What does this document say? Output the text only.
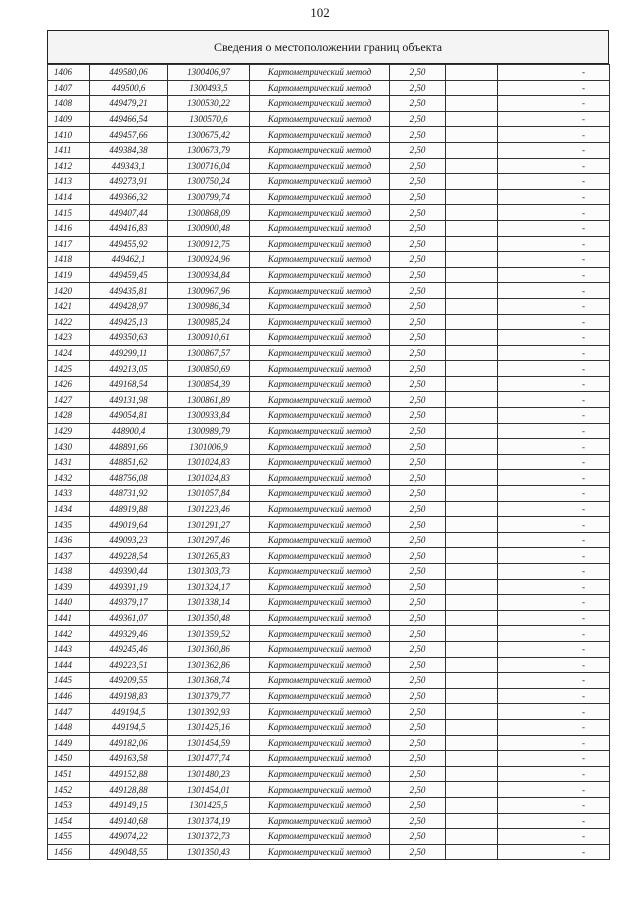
102
Сведения о местоположении границ объекта
1406	449580,06	1300406,97	Картометрический метод	2,50		-
1407	449500,6	1300493,5	Картометрический метод	2,50		-
1408	449479,21	1300530,22	Картометрический метод	2,50		-
1409	449466,54	1300570,6	Картометрический метод	2,50		-
1410	449457,66	1300675,42	Картометрический метод	2,50		-
1411	449384,38	1300673,79	Картометрический метод	2,50		-
1412	449343,1	1300716,04	Картометрический метод	2,50		-
1413	449273,91	1300750,24	Картометрический метод	2,50		-
1414	449366,32	1300799,74	Картометрический метод	2,50		-
1415	449407,44	1300868,09	Картометрический метод	2,50		-
1416	449416,83	1300900,48	Картометрический метод	2,50		-
1417	449455,92	1300912,75	Картометрический метод	2,50		-
1418	449462,1	1300924,96	Картометрический метод	2,50		-
1419	449459,45	1300934,84	Картометрический метод	2,50		-
1420	449435,81	1300967,96	Картометрический метод	2,50		-
1421	449428,97	1300986,34	Картометрический метод	2,50		-
1422	449425,13	1300985,24	Картометрический метод	2,50		-
1423	449350,63	1300910,61	Картометрический метод	2,50		-
1424	449299,11	1300867,57	Картометрический метод	2,50		-
1425	449213,05	1300850,69	Картометрический метод	2,50		-
1426	449168,54	1300854,39	Картометрический метод	2,50		-
1427	449131,98	1300861,89	Картометрический метод	2,50		-
1428	449054,81	1300933,84	Картометрический метод	2,50		-
1429	448900,4	1300989,79	Картометрический метод	2,50		-
1430	448891,66	1301006,9	Картометрический метод	2,50		-
1431	448851,62	1301024,83	Картометрический метод	2,50		-
1432	448756,08	1301024,83	Картометрический метод	2,50		-
1433	448731,92	1301057,84	Картометрический метод	2,50		-
1434	448919,88	1301223,46	Картометрический метод	2,50		-
1435	449019,64	1301291,27	Картометрический метод	2,50		-
1436	449093,23	1301297,46	Картометрический метод	2,50		-
1437	449228,54	1301265,83	Картометрический метод	2,50		-
1438	449390,44	1301303,73	Картометрический метод	2,50		-
1439	449391,19	1301324,17	Картометрический метод	2,50		-
1440	449379,17	1301338,14	Картометрический метод	2,50		-
1441	449361,07	1301350,48	Картометрический метод	2,50		-
1442	449329,46	1301359,52	Картометрический метод	2,50		-
1443	449245,46	1301360,86	Картометрический метод	2,50		-
1444	449223,51	1301362,86	Картометрический метод	2,50		-
1445	449209,55	1301368,74	Картометрический метод	2,50		-
1446	449198,83	1301379,77	Картометрический метод	2,50		-
1447	449194,5	1301392,93	Картометрический метод	2,50		-
1448	449194,5	1301425,16	Картометрический метод	2,50		-
1449	449182,06	1301454,59	Картометрический метод	2,50		-
1450	449163,58	1301477,74	Картометрический метод	2,50		-
1451	449152,88	1301480,23	Картометрический метод	2,50		-
1452	449128,88	1301454,01	Картометрический метод	2,50		-
1453	449149,15	1301425,5	Картометрический метод	2,50		-
1454	449140,68	1301374,19	Картометрический метод	2,50		-
1455	449074,22	1301372,73	Картометрический метод	2,50		-
1456	449048,55	1301350,43	Картометрический метод	2,50		-
